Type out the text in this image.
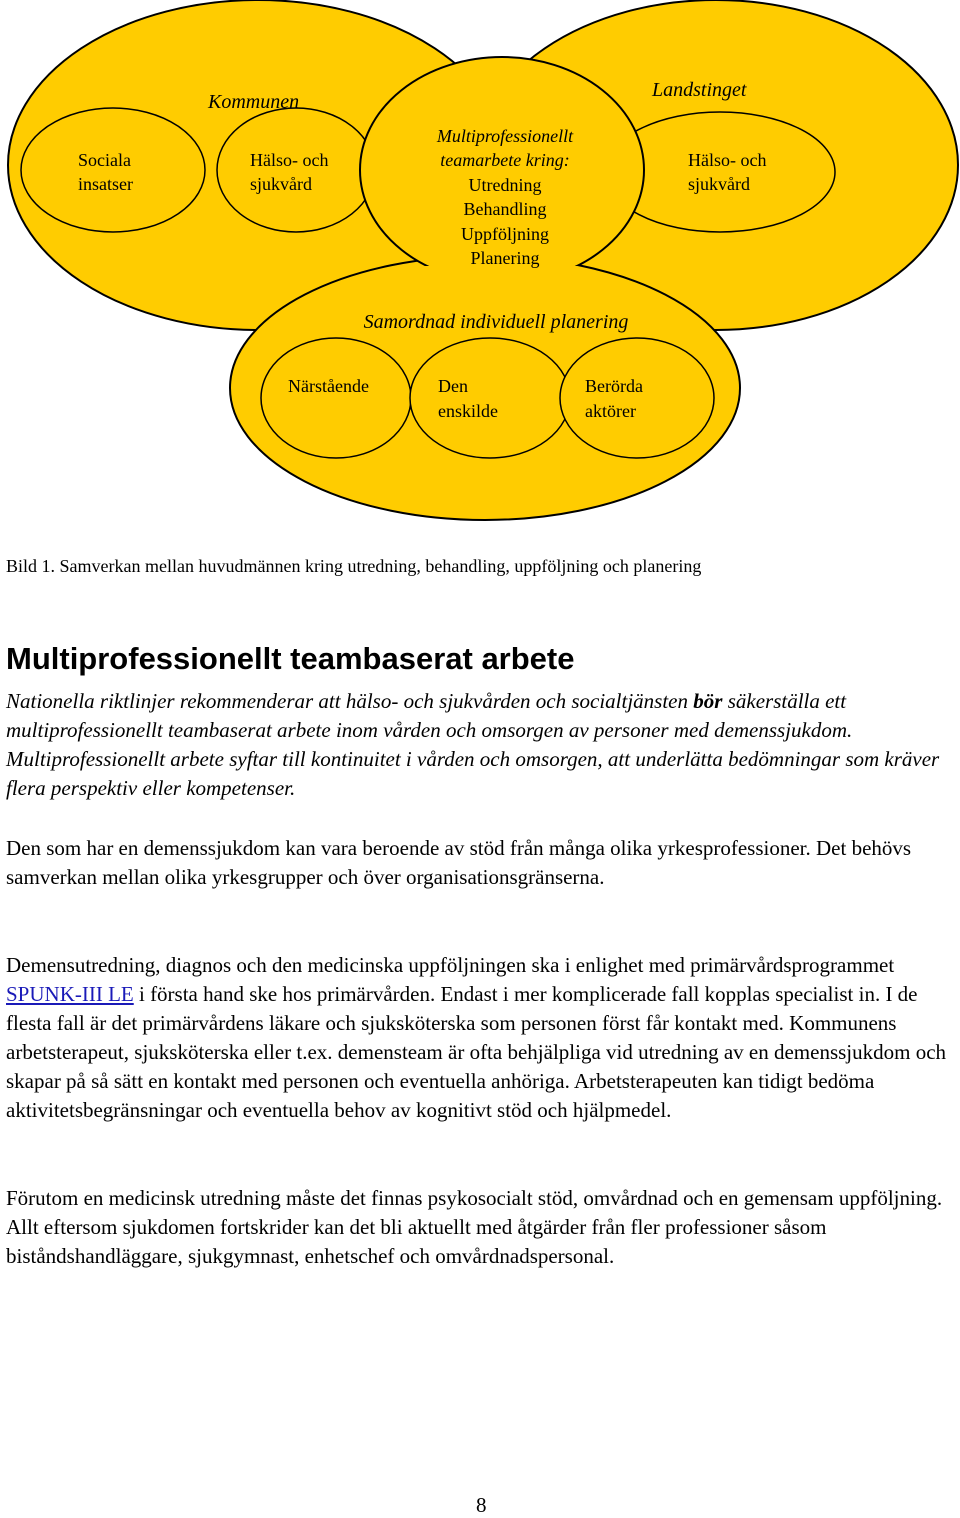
Kommunen
Landstinget
Sociala
insatser
Hälso- och
sjukvård
Hälso- och
sjukvård
Multiprofessionellt
teamarbete kring:
Utredning
Behandling
Uppföljning
Planering
Samordnad individuell planering
Närstående	Den
enskilde
Berörda
aktörer
Bild 1. Samverkan mellan huvudmännen kring utredning, behandling, uppföljning och planering
Multiprofessionellt teambaserat arbete

Nationella riktlinjer rekommenderar att hälso- och sjukvården och socialtjänsten bör säkerställa ett multiprofessionellt teambaserat arbete inom vården och omsorgen av personer med demenssjukdom. Multiprofessionellt arbete syftar till kontinuitet i vården och omsorgen, att underlätta bedömningar som kräver flera perspektiv eller kompetenser.

Den som har en demenssjukdom kan vara beroende av stöd från många olika yrkesprofessioner. Det behövs samverkan mellan olika yrkesgrupper och över organisationsgränserna.

Demensutredning, diagnos och den medicinska uppföljningen ska i enlighet med primärvårdsprogrammet SPUNK-III LE i första hand ske hos primärvården. Endast i mer komplicerade fall kopplas specialist in. I de flesta fall är det primärvårdens läkare och sjuksköterska som personen först får kontakt med. Kommunens arbetsterapeut, sjuksköterska eller t.ex. demensteam är ofta behjälpliga vid utredning av en demenssjukdom och skapar på så sätt en kontakt med personen och eventuella anhöriga. Arbetsterapeuten kan tidigt bedöma aktivitetsbegränsningar och eventuella behov av kognitivt stöd och hjälpmedel.

Förutom en medicinsk utredning måste det finnas psykosocialt stöd, omvårdnad och en gemensam uppföljning. Allt eftersom sjukdomen fortskrider kan det bli aktuellt med åtgärder från fler professioner såsom biståndshandläggare, sjukgymnast, enhetschef och omvårdnadspersonal.

8
